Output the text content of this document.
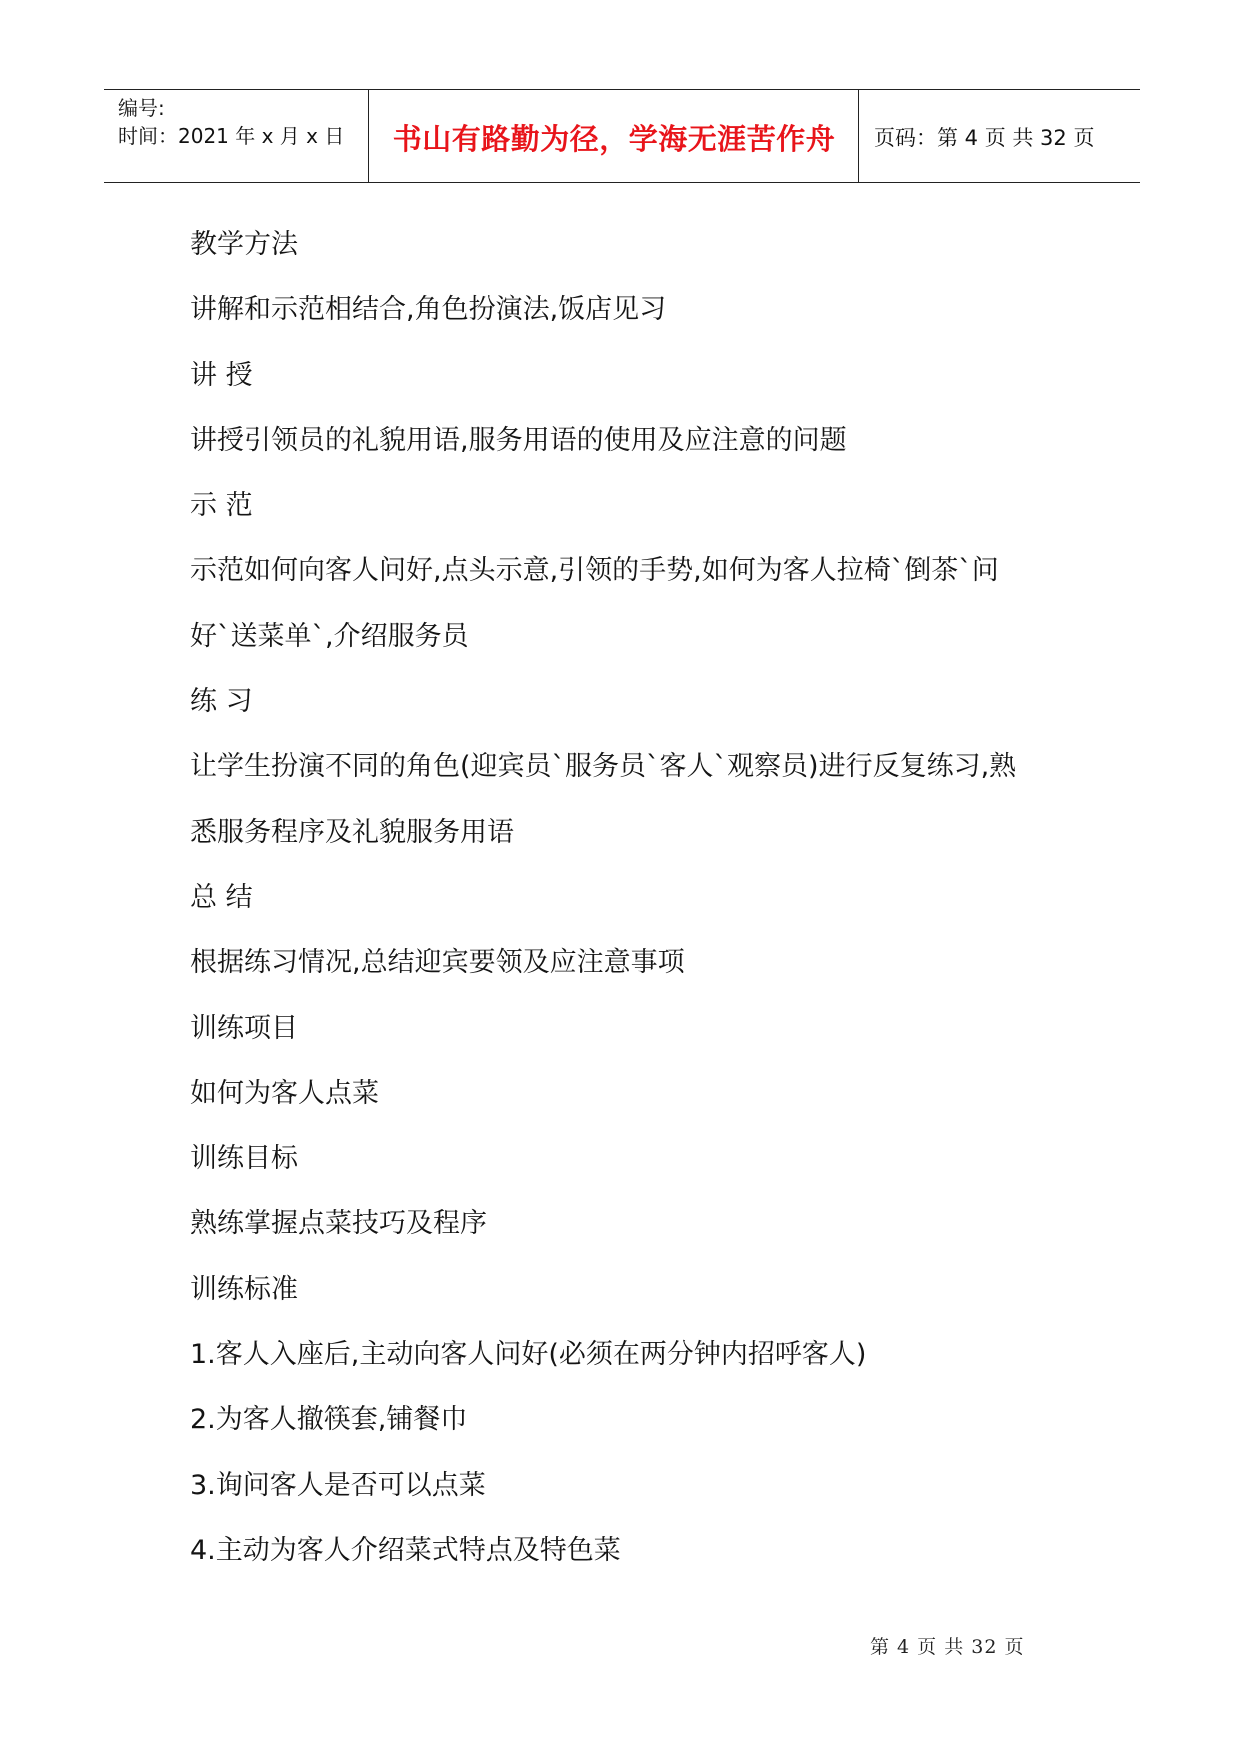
编号:
时间：2021 年 x 月 x 日	书山有路勤为径，学海无涯苦作舟	页码：第 4 页 共 32 页
教学方法
讲解和示范相结合,角色扮演法,饭店见习
讲 授
讲授引领员的礼貌用语,服务用语的使用及应注意的问题
示 范
示范如何向客人问好,点头示意,引领的手势,如何为客人拉椅`倒茶`问
好`送菜单`,介绍服务员
练 习
让学生扮演不同的角色(迎宾员`服务员`客人`观察员)进行反复练习,熟
悉服务程序及礼貌服务用语
总 结
根据练习情况,总结迎宾要领及应注意事项
训练项目
如何为客人点菜
训练目标
熟练掌握点菜技巧及程序
训练标准
1.客人入座后,主动向客人问好(必须在两分钟内招呼客人)
2.为客人撤筷套,铺餐巾
3.询问客人是否可以点菜
4.主动为客人介绍菜式特点及特色菜
第 4 页 共 32 页
